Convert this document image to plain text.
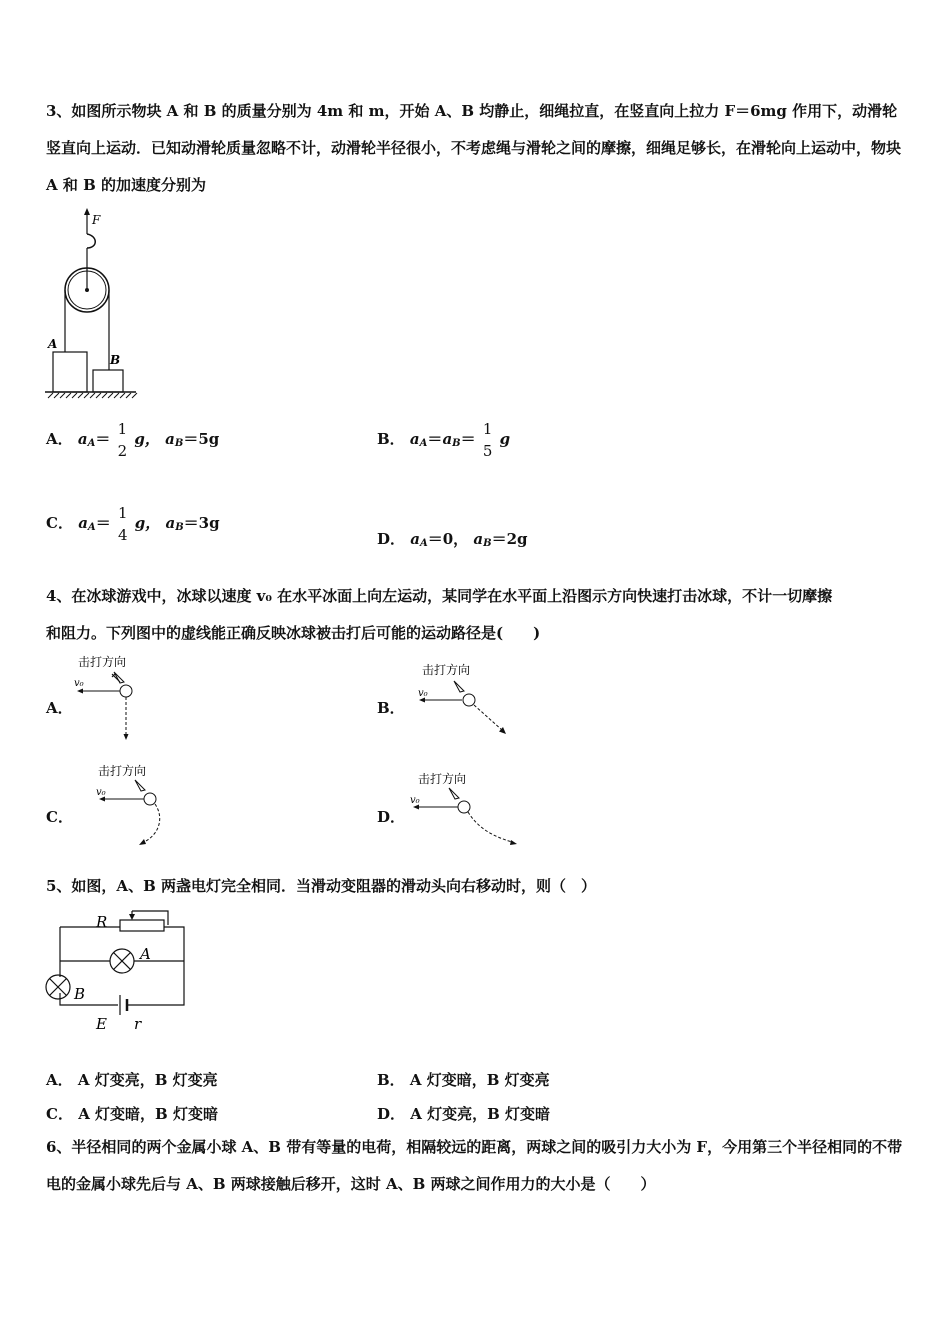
3、如图所示物块 A 和 B 的质量分别为 4m 和 m，开始 A、B 均静止，细绳拉直，在竖直向上拉力 F＝6mg 作用下，动滑轮竖直向上运动．已知动滑轮质量忽略不计，动滑轮半径很小，不考虑绳与滑轮之间的摩擦，细绳足够长，在滑轮向上运动中，物块 A 和 B 的加速度分别为
F
A
B
A． $a_A=$
1
2
g， $a_B=5g$	B． $a_A=a_B=$
1
5
g
C． $a_A=$
1
4
g， $a_B=3g$
D． $a_A=0$， $a_B=2g$
4、在冰球游戏中，冰球以速度 v₀ 在水平冰面上向左运动，某同学在水平面上沿图示方向快速打击冰球，不计一切摩擦
和阻力。下列图中的虚线能正确反映冰球被击打后可能的运动路径是(　　)
A．
击打方向
v₀
B．
击打方向
v₀
C．
击打方向
v₀
D．
击打方向
v₀
5、如图，A、B 两盏电灯完全相同．当滑动变阻器的滑动头向右移动时，则（　）
R
A
B
E r
A． A 灯变亮，B 灯变亮	B． A 灯变暗，B 灯变亮
C． A 灯变暗，B 灯变暗	D． A 灯变亮，B 灯变暗
6、半径相同的两个金属小球 A、B 带有等量的电荷，相隔较远的距离，两球之间的吸引力大小为 F，今用第三个半径相同的不带电的金属小球先后与 A、B 两球接触后移开，这时 A、B 两球之间作用力的大小是（　　）
